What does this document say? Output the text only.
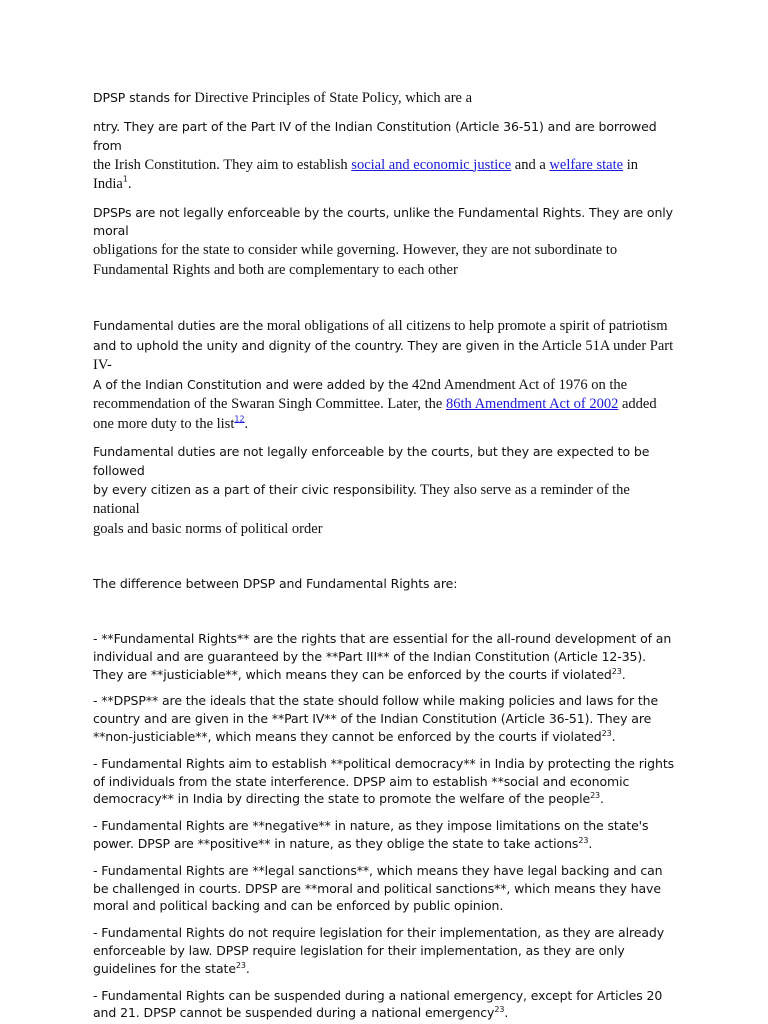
DPSP stands for Directive Principles of State Policy, which are a

ntry. They are part of the Part IV of the Indian Constitution (Article 36-51) and are borrowed from
the Irish Constitution. They aim to establish social and economic justice and a welfare state in
India$^1$.

DPSPs are not legally enforceable by the courts, unlike the Fundamental Rights. They are only moral
obligations for the state to consider while governing. However, they are not subordinate to
Fundamental Rights and both are complementary to each other

Fundamental duties are the moral obligations of all citizens to help promote a spirit of patriotism
and to uphold the unity and dignity of the country. They are given in the Article 51A under Part IV-
A of the Indian Constitution and were added by the 42nd Amendment Act of 1976 on the
recommendation of the Swaran Singh Committee. Later, the 86th Amendment Act of 2002 added one more duty to the list$^{12}$.

Fundamental duties are not legally enforceable by the courts, but they are expected to be followed
by every citizen as a part of their civic responsibility. They also serve as a reminder of the national
goals and basic norms of political order

The difference between DPSP and Fundamental Rights are:

- **Fundamental Rights** are the rights that are essential for the all-round development of an individual and are guaranteed by the **Part III** of the Indian Constitution (Article 12-35). They are **justiciable**, which means they can be enforced by the courts if violated$^{23}$.

- **DPSP** are the ideals that the state should follow while making policies and laws for the country and are given in the **Part IV** of the Indian Constitution (Article 36-51). They are **non-justiciable**, which means they cannot be enforced by the courts if violated$^{23}$.

- Fundamental Rights aim to establish **political democracy** in India by protecting the rights of individuals from the state interference. DPSP aim to establish **social and economic democracy** in India by directing the state to promote the welfare of the people$^{23}$.

- Fundamental Rights are **negative** in nature, as they impose limitations on the state's power. DPSP are **positive** in nature, as they oblige the state to take actions$^{23}$.

- Fundamental Rights are **legal sanctions**, which means they have legal backing and can be challenged in courts. DPSP are **moral and political sanctions**, which means they have moral and political backing and can be enforced by public opinion.

- Fundamental Rights do not require legislation for their implementation, as they are already enforceable by law. DPSP require legislation for their implementation, as they are only guidelines for the state$^{23}$.

- Fundamental Rights can be suspended during a national emergency, except for Articles 20 and 21. DPSP cannot be suspended during a national emergency$^{23}$.
